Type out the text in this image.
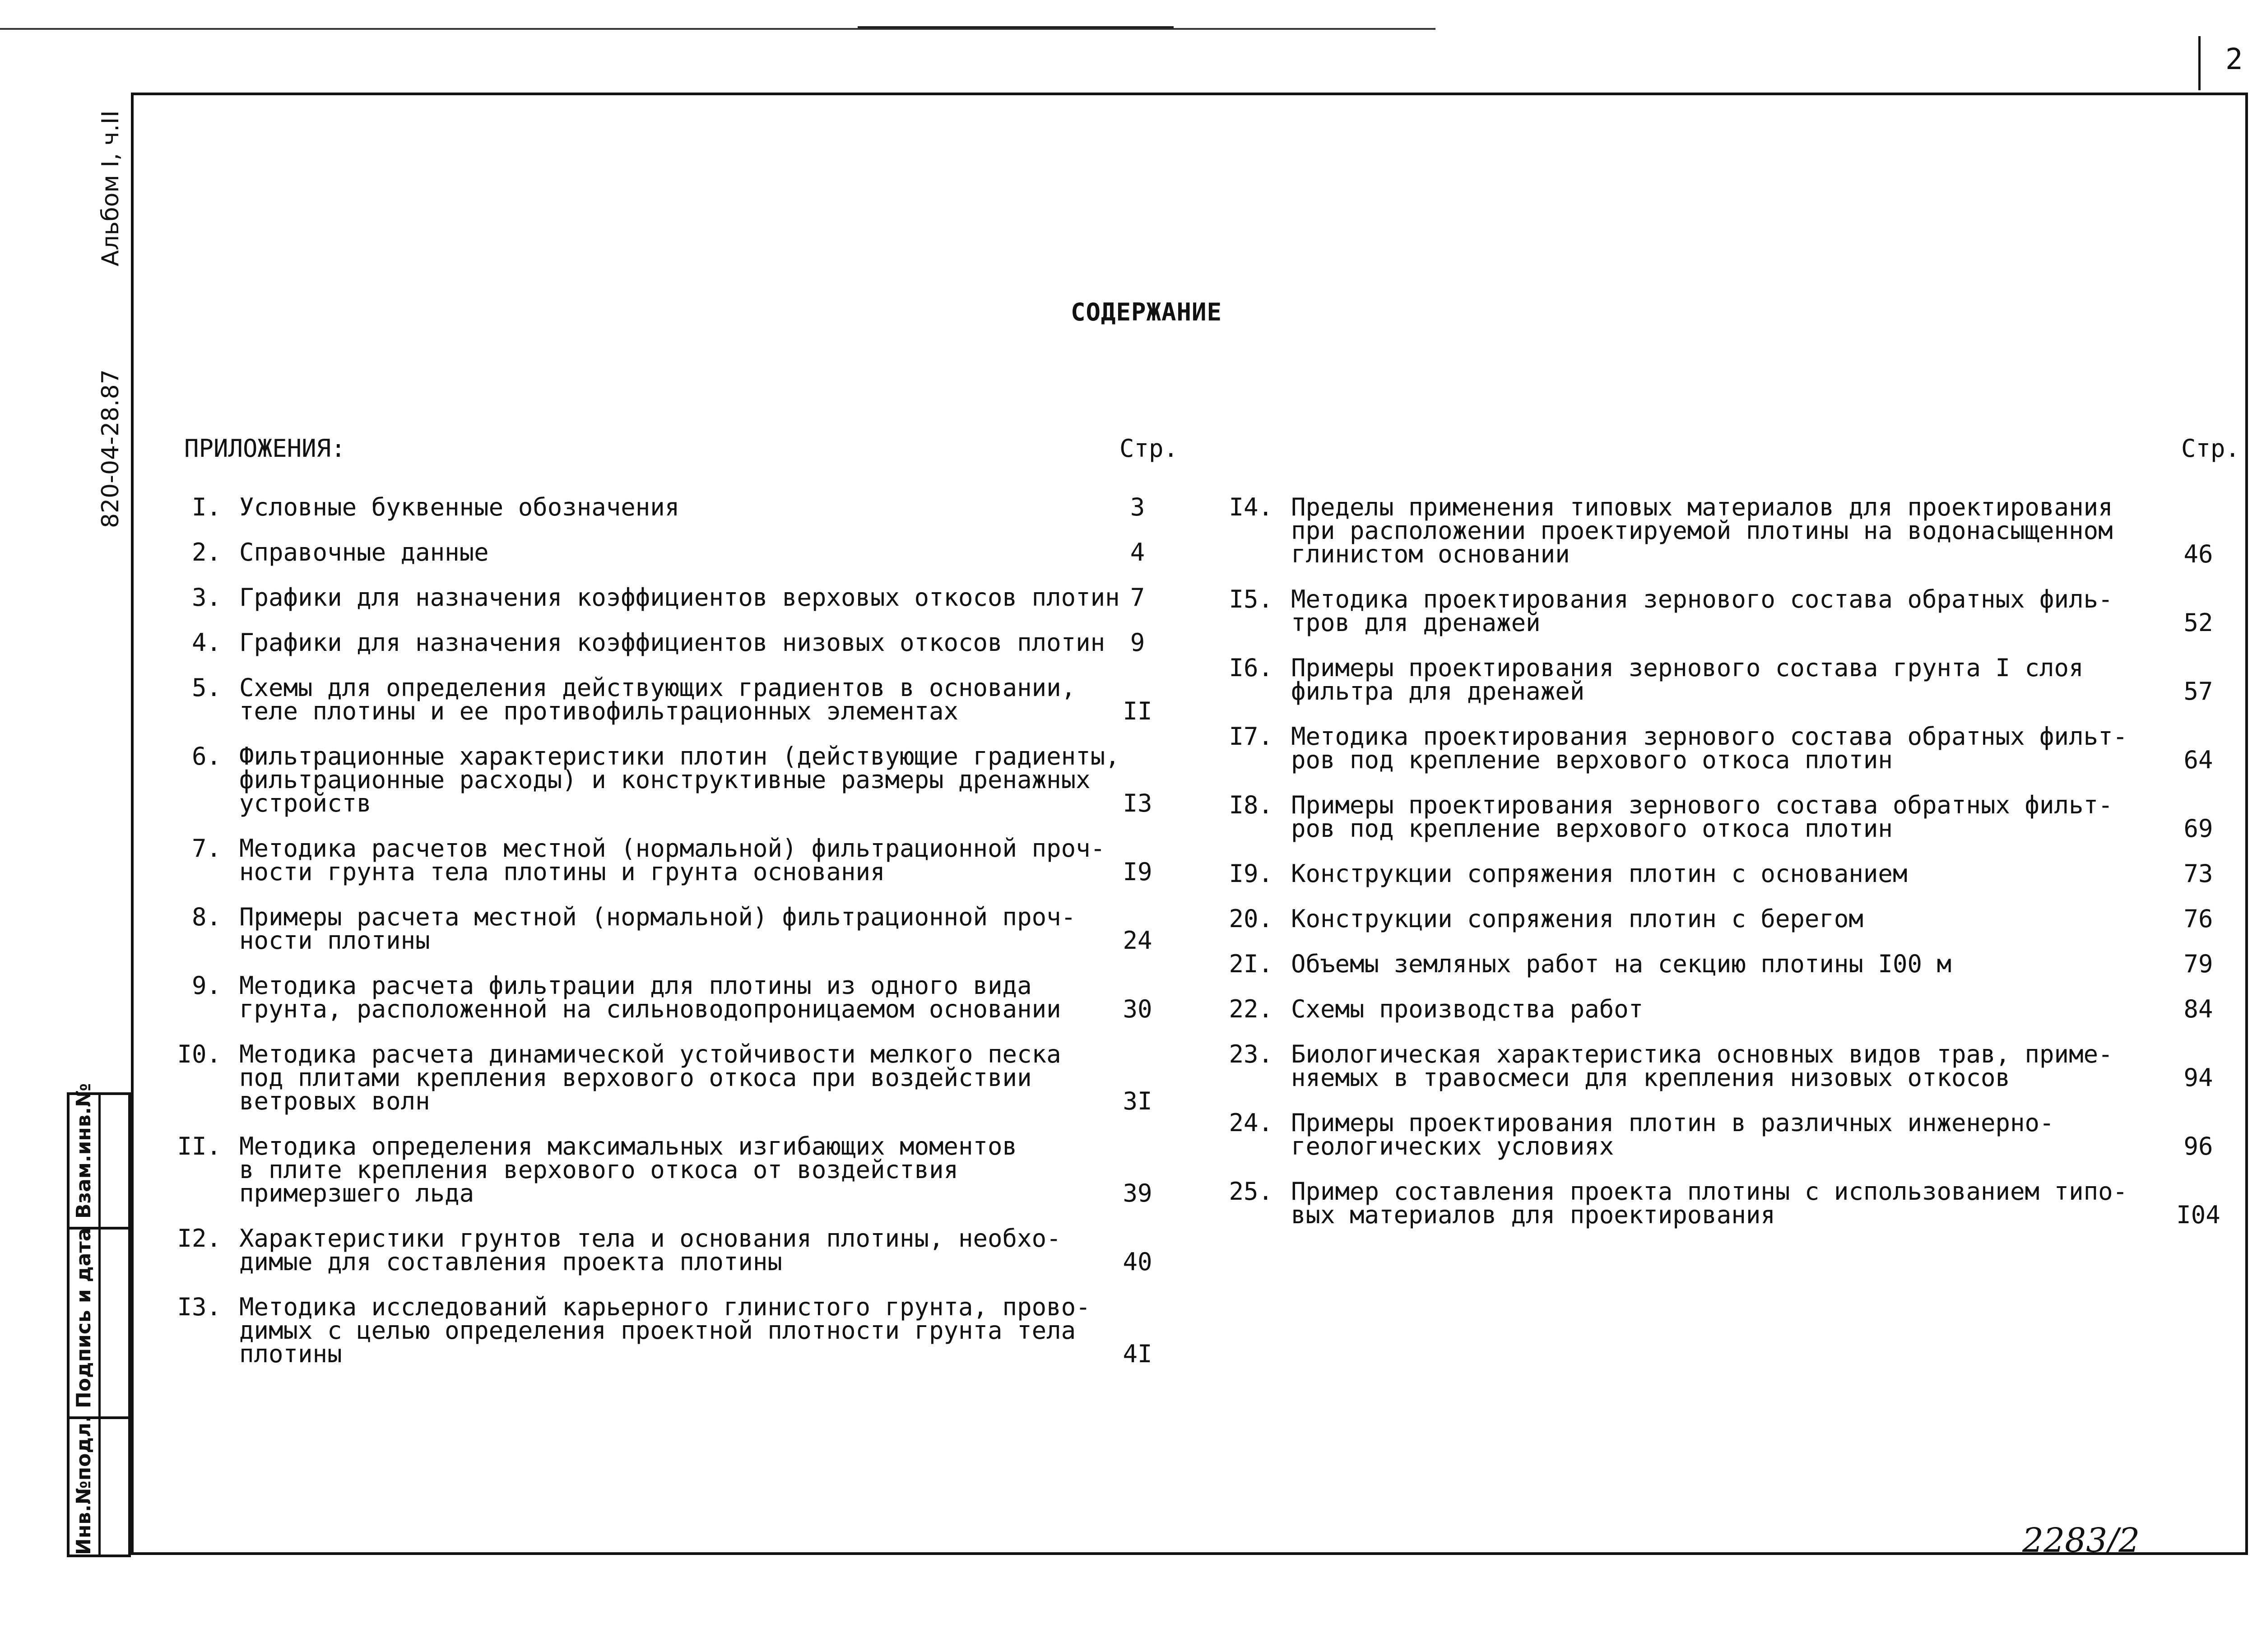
2
Альбом I, ч.II
820-04-28.87
Взам.инв.№
Подпись и дата
Инв.№подл.
СОДЕРЖАНИЕ
ПРИЛОЖЕНИЯ:	Стр.	Стр.
I. Условные буквенные обозначения	3
2. Справочные данные	4
3. Графики для назначения коэффициентов верховых откосов плотин 7
4. Графики для назначения коэффициентов низовых откосов плотин	9
5. Схемы для определения действующих градиентов в основании,
теле плотины и ее противофильтрационных элементах	II
6. Фильтрационные характеристики плотин (действующие градиенты,
фильтрационные расходы) и конструктивные размеры дренажных
устройств	I3
7. Методика расчетов местной (нормальной) фильтрационной проч-
ности грунта тела плотины и грунта основания	I9
8. Примеры расчета местной (нормальной) фильтрационной проч-
ности плотины	24
9. Методика расчета фильтрации для плотины из одного вида
грунта, расположенной на сильноводопроницаемом основании	30
I0. Методика расчета динамической устойчивости мелкого песка
под плитами крепления верхового откоса при воздействии
ветровых волн	3I
II. Методика определения максимальных изгибающих моментов
в плите крепления верхового откоса от воздействия
примерзшего льда	39
I2. Характеристики грунтов тела и основания плотины, необхо-
димые для составления проекта плотины	40
I3. Методика исследований карьерного глинистого грунта, прово-
димых с целью определения проектной плотности грунта тела
плотины	4I
I4. Пределы применения типовых материалов для проектирования
при расположении проектируемой плотины на водонасыщенном
глинистом основании	46
I5. Методика проектирования зернового состава обратных филь-
тров для дренажей	52
I6. Примеры проектирования зернового состава грунта I слоя
фильтра для дренажей	57
I7. Методика проектирования зернового состава обратных фильт-
ров под крепление верхового откоса плотин	64
I8. Примеры проектирования зернового состава обратных фильт-
ров под крепление верхового откоса плотин	69
I9. Конструкции сопряжения плотин с основанием	73
20. Конструкции сопряжения плотин с берегом	76
2I. Объемы земляных работ на секцию плотины I00 м	79
22. Схемы производства работ	84
23. Биологическая характеристика основных видов трав, приме-
няемых в травосмеси для крепления низовых откосов	94
24. Примеры проектирования плотин в различных инженерно-
геологических условиях	96
25. Пример составления проекта плотины с использованием типо-
вых материалов для проектирования	I04
2283/2
